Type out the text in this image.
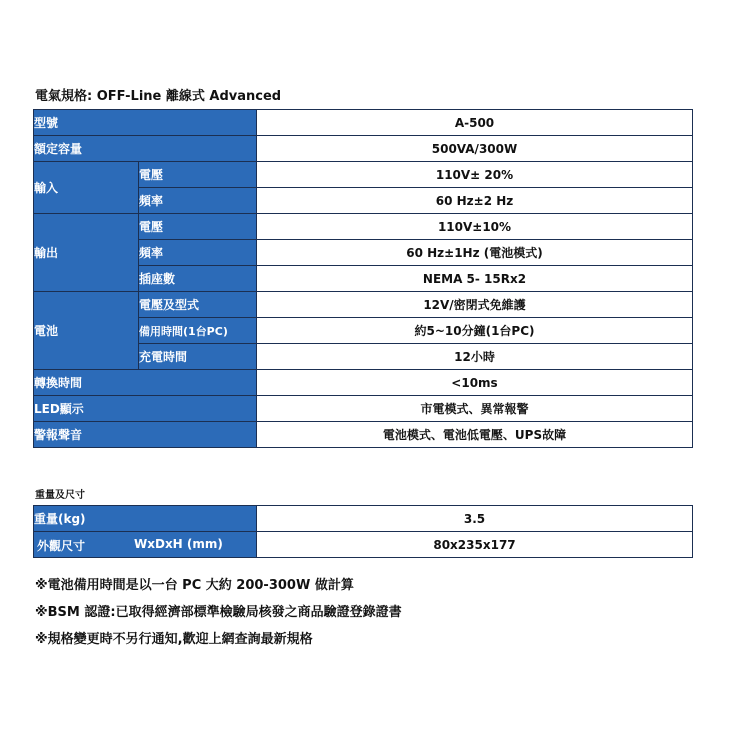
電氣規格: OFF-Line 離線式 Advanced
型號		A-500
額定容量		500VA/300W
輸入	電壓	110V± 20%
	頻率	60 Hz±2 Hz
輸出	電壓	110V±10%
	頻率	60 Hz±1Hz (電池模式)
	插座數	NEMA 5- 15Rx2
電池	電壓及型式	12V/密閉式免維護
	備用時間(1台PC)	約5~10分鐘(1台PC)
	充電時間	12小時
轉換時間		<10ms
LED顯示		市電模式、異常報警
警報聲音		電池模式、電池低電壓、UPS故障
重量及尺寸
重量(kg)	3.5

外觀尺寸 WxDxH (mm)	80x235x177
※電池備用時間是以一台 PC 大約 200-300W 做計算
※BSM 認證:已取得經濟部標準檢驗局核發之商品驗證登錄證書
※規格變更時不另行通知,歡迎上網查詢最新規格
